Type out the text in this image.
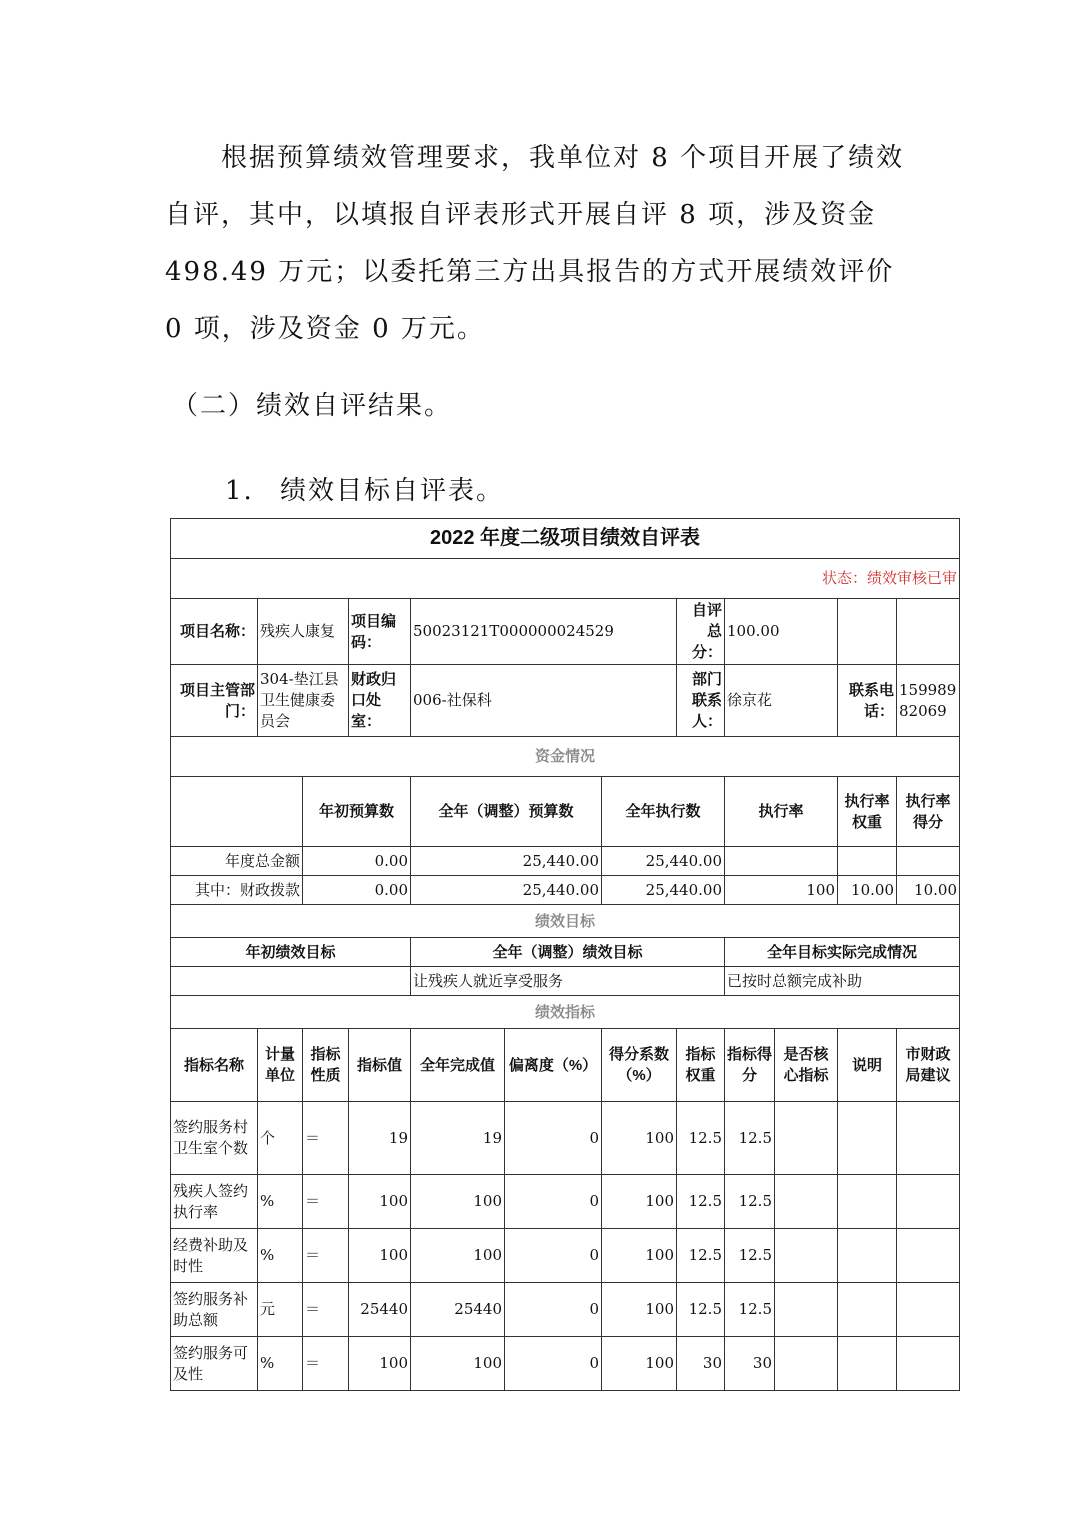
根据预算绩效管理要求，我单位对 8 个项目开展了绩效自评，其中，以填报自评表形式开展自评 8 项，涉及资金 498.49 万元；以委托第三方出具报告的方式开展绩效评价 0 项，涉及资金 0 万元。

（二）绩效自评结果。
1. 绩效目标自评表。
2022 年度二级项目绩效自评表											
状态：绩效审核已审											
项目名称：	残疾人康复		项目编码：	50023121T000000024529			自评总分：	100.00			
项目主管部门：	304-垫江县卫生健康委员会		财政归口处室：	006-社保科			部门联系人：	徐京花		联系电话：	15998982069
资金情况											
		年初预算数		全年（调整）预算数		全年执行数		执行率		执行率权重	执行率得分
年度总金额		0.00		25,440.00		25,440.00					
其中：财政拨款		0.00		25,440.00		25,440.00		100		10.00	10.00
绩效目标											
年初绩效目标				全年（调整）绩效目标				全年目标实际完成情况			
				让残疾人就近享受服务				已按时总额完成补助			
绩效指标											
指标名称	计量单位	指标性质	指标值	全年完成值	偏离度（%）	得分系数（%）	指标权重	指标得分	是否核心指标	说明	市财政局建议
签约服务村卫生室个数	个	＝	19	19	0	100	12.5	12.5			
残疾人签约执行率	%	＝	100	100	0	100	12.5	12.5			
经费补助及时性	%	＝	100	100	0	100	12.5	12.5			
签约服务补助总额	元	＝	25440	25440	0	100	12.5	12.5			
签约服务可及性	%	＝	100	100	0	100	30	30			
